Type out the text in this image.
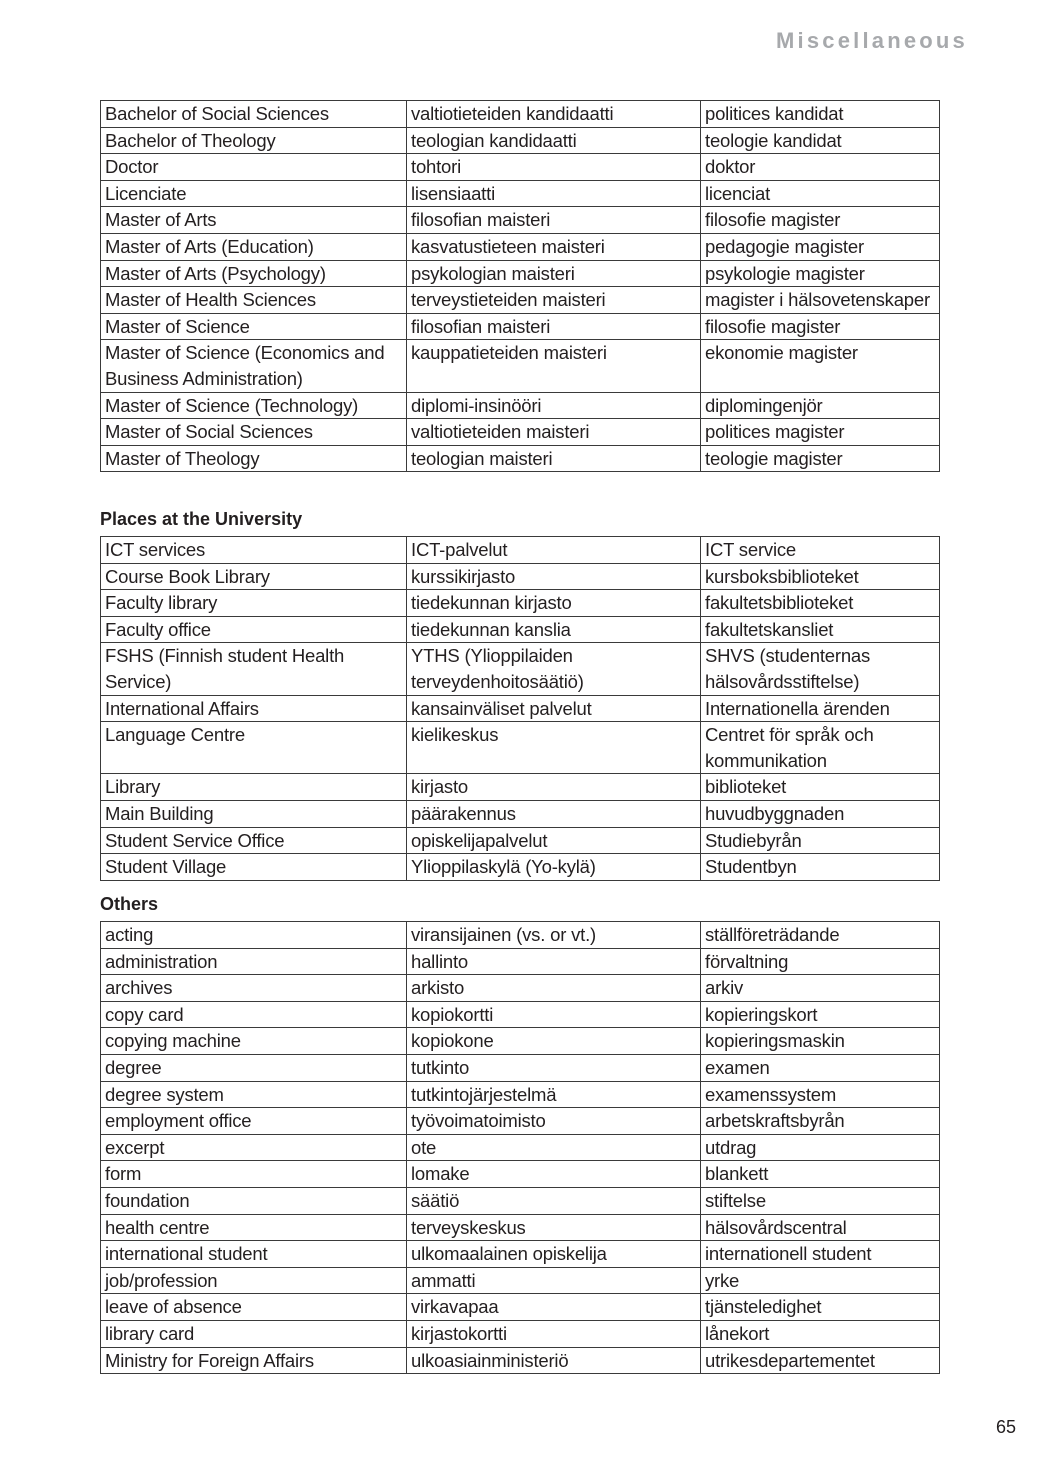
Miscellaneous
Bachelor of Social Sciences	valtiotieteiden kandidaatti	politices kandidat
Bachelor of Theology	teologian kandidaatti	teologie kandidat
Doctor	tohtori	doktor
Licenciate	lisensiaatti	licenciat
Master of Arts	filosofian maisteri	filosofie magister
Master of Arts (Education)	kasvatustieteen maisteri	pedagogie magister
Master of Arts (Psychology)	psykologian maisteri	psykologie magister
Master of Health Sciences	terveystieteiden maisteri	magister i hälsovetenskaper
Master of Science	filosofian maisteri	filosofie magister
Master of Science (Economics and Business Administration)	kauppatieteiden maisteri	ekonomie magister
Master of Science (Technology)	diplomi-insinööri	diplomingenjör
Master of Social Sciences	valtiotieteiden maisteri	politices magister
Master of Theology	teologian maisteri	teologie magister
Places at the University
ICT services	ICT-palvelut	ICT service
Course Book Library	kurssikirjasto	kursboksbiblioteket
Faculty library	tiedekunnan kirjasto	fakultetsbiblioteket
Faculty office	tiedekunnan kanslia	fakultetskansliet
FSHS (Finnish student Health Service)	YTHS (Ylioppilaiden terveydenhoitosäätiö)	SHVS (studenternas hälsovårdsstiftelse)
International Affairs	kansainväliset palvelut	Internationella ärenden
Language Centre	kielikeskus	Centret för språk och kommunikation
Library	kirjasto	biblioteket
Main Building	päärakennus	huvudbyggnaden
Student Service Office	opiskelijapalvelut	Studiebyrån
Student Village	Ylioppilaskylä (Yo-kylä)	Studentbyn
Others
acting	viransijainen (vs. or vt.)	ställföreträdande
administration	hallinto	förvaltning
archives	arkisto	arkiv
copy card	kopiokortti	kopieringskort
copying machine	kopiokone	kopieringsmaskin
degree	tutkinto	examen
degree system	tutkintojärjestelmä	examenssystem
employment office	työvoimatoimisto	arbetskraftsbyrån
excerpt	ote	utdrag
form	lomake	blankett
foundation	säätiö	stiftelse
health centre	terveyskeskus	hälsovårdscentral
international student	ulkomaalainen opiskelija	internationell student
job/profession	ammatti	yrke
leave of absence	virkavapaa	tjänsteledighet
library card	kirjastokortti	lånekort
Ministry for Foreign Affairs	ulkoasiainministeriö	utrikesdepartementet
65
